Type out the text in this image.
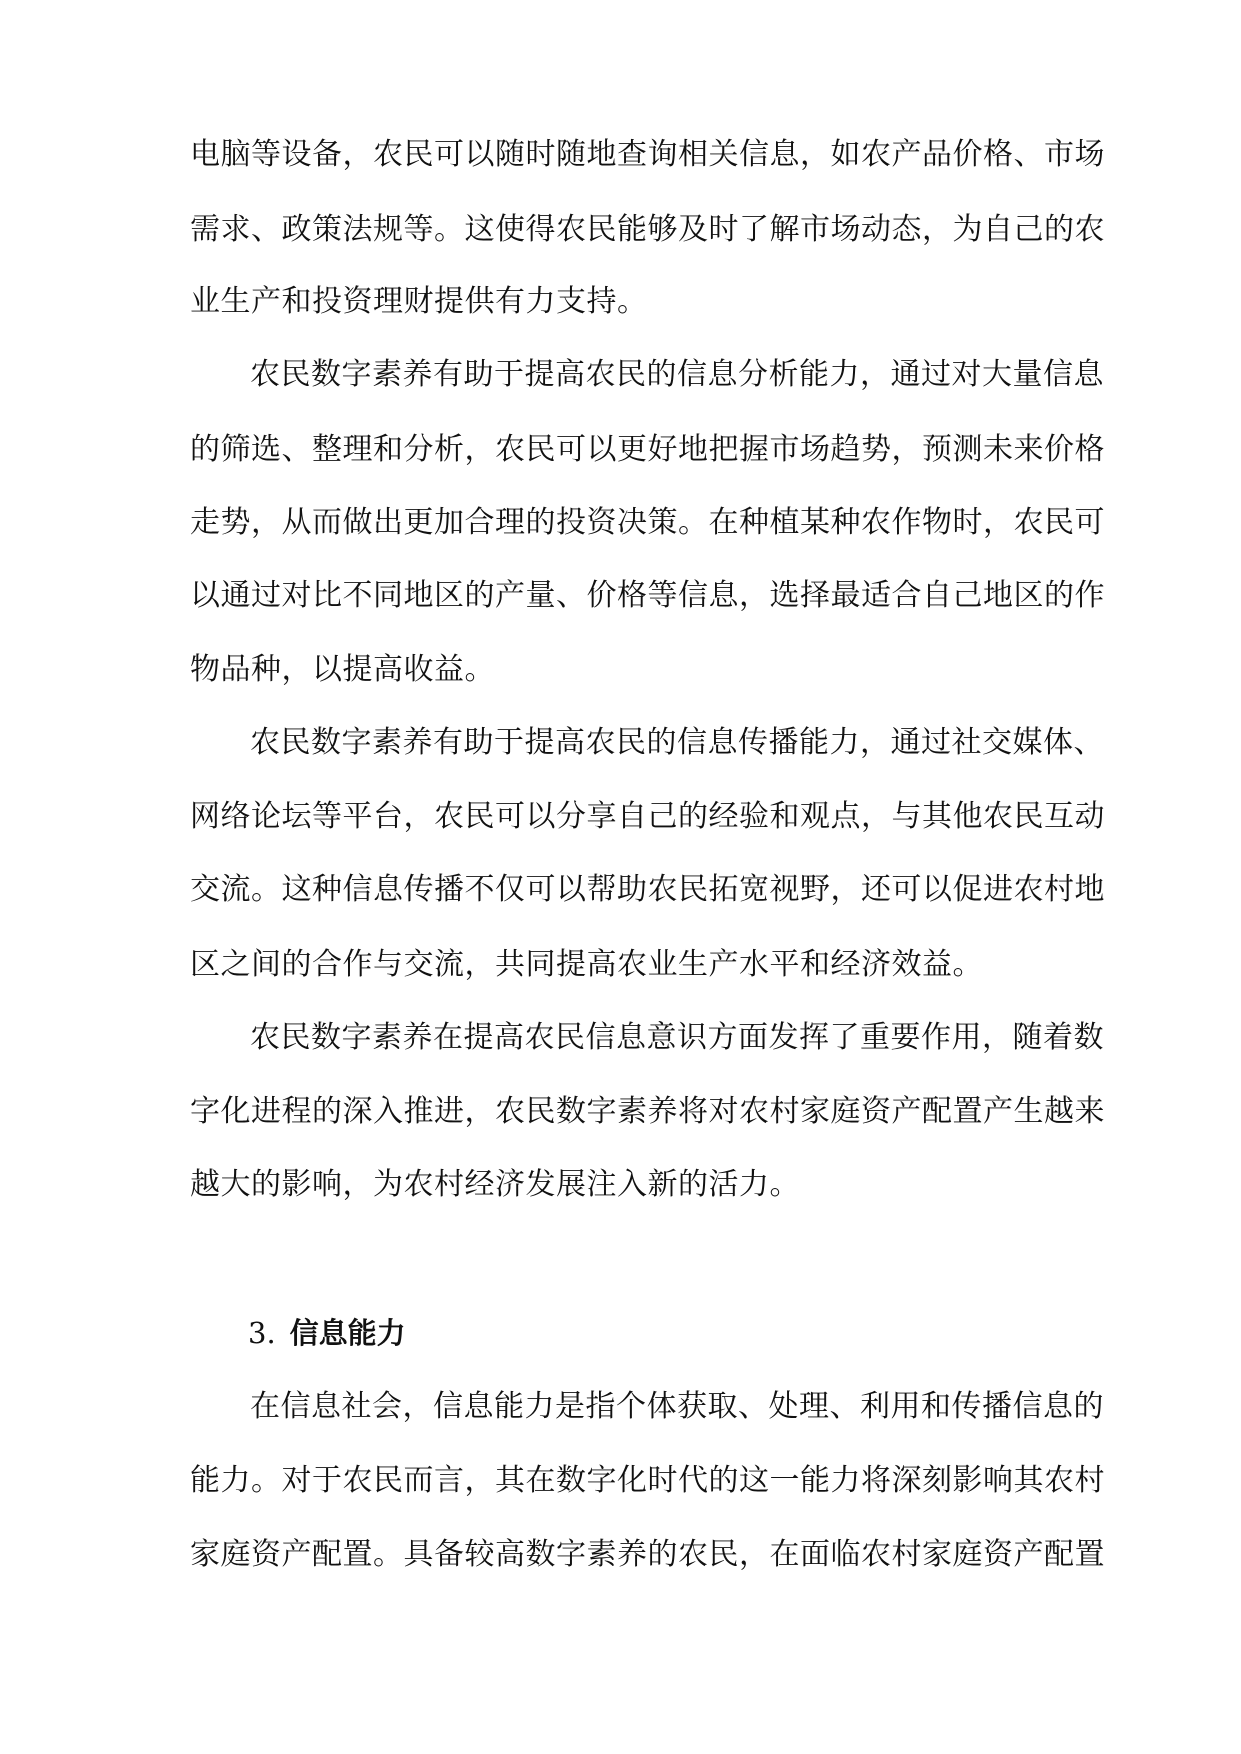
电脑等设备，农民可以随时随地查询相关信息，如农产品价格、市场
需求、政策法规等。这使得农民能够及时了解市场动态，为自己的农
业生产和投资理财提供有力支持。
农民数字素养有助于提高农民的信息分析能力，通过对大量信息
的筛选、整理和分析，农民可以更好地把握市场趋势，预测未来价格
走势，从而做出更加合理的投资决策。在种植某种农作物时，农民可
以通过对比不同地区的产量、价格等信息，选择最适合自己地区的作
物品种，以提高收益。
农民数字素养有助于提高农民的信息传播能力，通过社交媒体、
网络论坛等平台，农民可以分享自己的经验和观点，与其他农民互动
交流。这种信息传播不仅可以帮助农民拓宽视野，还可以促进农村地
区之间的合作与交流，共同提高农业生产水平和经济效益。
农民数字素养在提高农民信息意识方面发挥了重要作用，随着数
字化进程的深入推进，农民数字素养将对农村家庭资产配置产生越来
越大的影响，为农村经济发展注入新的活力。
3. 信息能力
在信息社会，信息能力是指个体获取、处理、利用和传播信息的
能力。对于农民而言，其在数字化时代的这一能力将深刻影响其农村
家庭资产配置。具备较高数字素养的农民，在面临农村家庭资产配置
